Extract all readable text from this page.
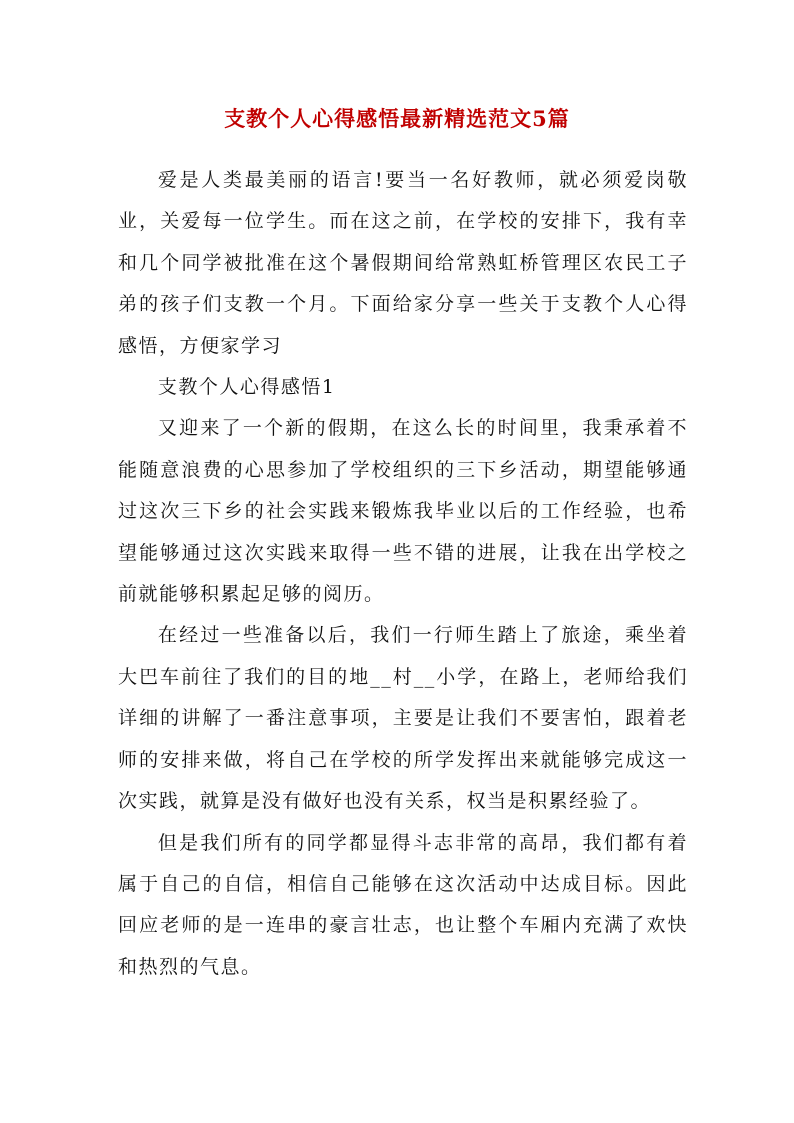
支教个人心得感悟最新精选范文5篇

爱是人类最美丽的语言!要当一名好教师，就必须爱岗敬业，关爱每一位学生。而在这之前，在学校的安排下，我有幸和几个同学被批准在这个暑假期间给常熟虹桥管理区农民工子弟的孩子们支教一个月。下面给家分享一些关于支教个人心得感悟，方便家学习

支教个人心得感悟1

又迎来了一个新的假期，在这么长的时间里，我秉承着不能随意浪费的心思参加了学校组织的三下乡活动，期望能够通过这次三下乡的社会实践来锻炼我毕业以后的工作经验，也希望能够通过这次实践来取得一些不错的进展，让我在出学校之前就能够积累起足够的阅历。

在经过一些准备以后，我们一行师生踏上了旅途，乘坐着大巴车前往了我们的目的地__村__小学，在路上，老师给我们详细的讲解了一番注意事项，主要是让我们不要害怕，跟着老师的安排来做，将自己在学校的所学发挥出来就能够完成这一次实践，就算是没有做好也没有关系，权当是积累经验了。

但是我们所有的同学都显得斗志非常的高昂，我们都有着属于自己的自信，相信自己能够在这次活动中达成目标。因此回应老师的是一连串的豪言壮志，也让整个车厢内充满了欢快和热烈的气息。
